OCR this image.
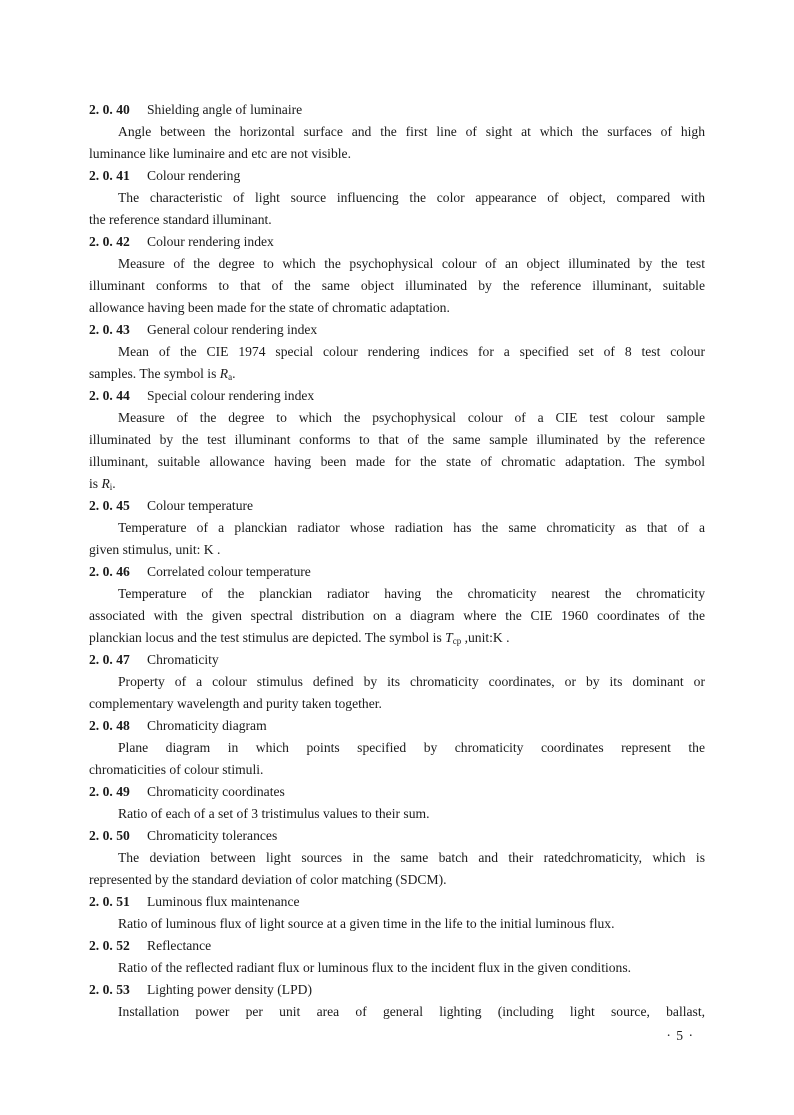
2. 0. 40	Shielding angle of luminaire
Angle between the horizontal surface and the first line of sight at which the surfaces of high
luminance like luminaire and etc are not visible.
2. 0. 41	Colour rendering
The characteristic of light source influencing the color appearance of object, compared with
the reference standard illuminant.
2. 0. 42	Colour rendering index
Measure of the degree to which the psychophysical colour of an object illuminated by the test
illuminant conforms to that of the same object illuminated by the reference illuminant, suitable
allowance having been made for the state of chromatic adaptation.
2. 0. 43	General colour rendering index
Mean of the CIE 1974 special colour rendering indices for a specified set of 8 test colour
samples. The symbol is $R_a$.
2. 0. 44	Special colour rendering index
Measure of the degree to which the psychophysical colour of a CIE test colour sample
illuminated by the test illuminant conforms to that of the same sample illuminated by the reference
illuminant, suitable allowance having been made for the state of chromatic adaptation. The symbol
is $R_i$.
2. 0. 45	Colour temperature
Temperature of a planckian radiator whose radiation has the same chromaticity as that of a
given stimulus, unit: K .
2. 0. 46	Correlated colour temperature
Temperature of the planckian radiator having the chromaticity nearest the chromaticity
associated with the given spectral distribution on a diagram where the CIE 1960 coordinates of the
planckian locus and the test stimulus are depicted. The symbol is $T_{cp}$ ,unit:K .
2. 0. 47	Chromaticity
Property of a colour stimulus defined by its chromaticity coordinates, or by its dominant or
complementary wavelength and purity taken together.
2. 0. 48	Chromaticity diagram
Plane diagram in which points specified by chromaticity coordinates represent the
chromaticities of colour stimuli.
2. 0. 49	Chromaticity coordinates
Ratio of each of a set of 3 tristimulus values to their sum.
2. 0. 50	Chromaticity tolerances
The deviation between light sources in the same batch and their ratedchromaticity, which is
represented by the standard deviation of color matching (SDCM).
2. 0. 51	Luminous flux maintenance
Ratio of luminous flux of light source at a given time in the life to the initial luminous flux.
2. 0. 52	Reflectance
Ratio of the reflected radiant flux or luminous flux to the incident flux in the given conditions.
2. 0. 53	Lighting power density (LPD)
Installation power per unit area of general lighting (including light source, ballast,
· 5 ·
